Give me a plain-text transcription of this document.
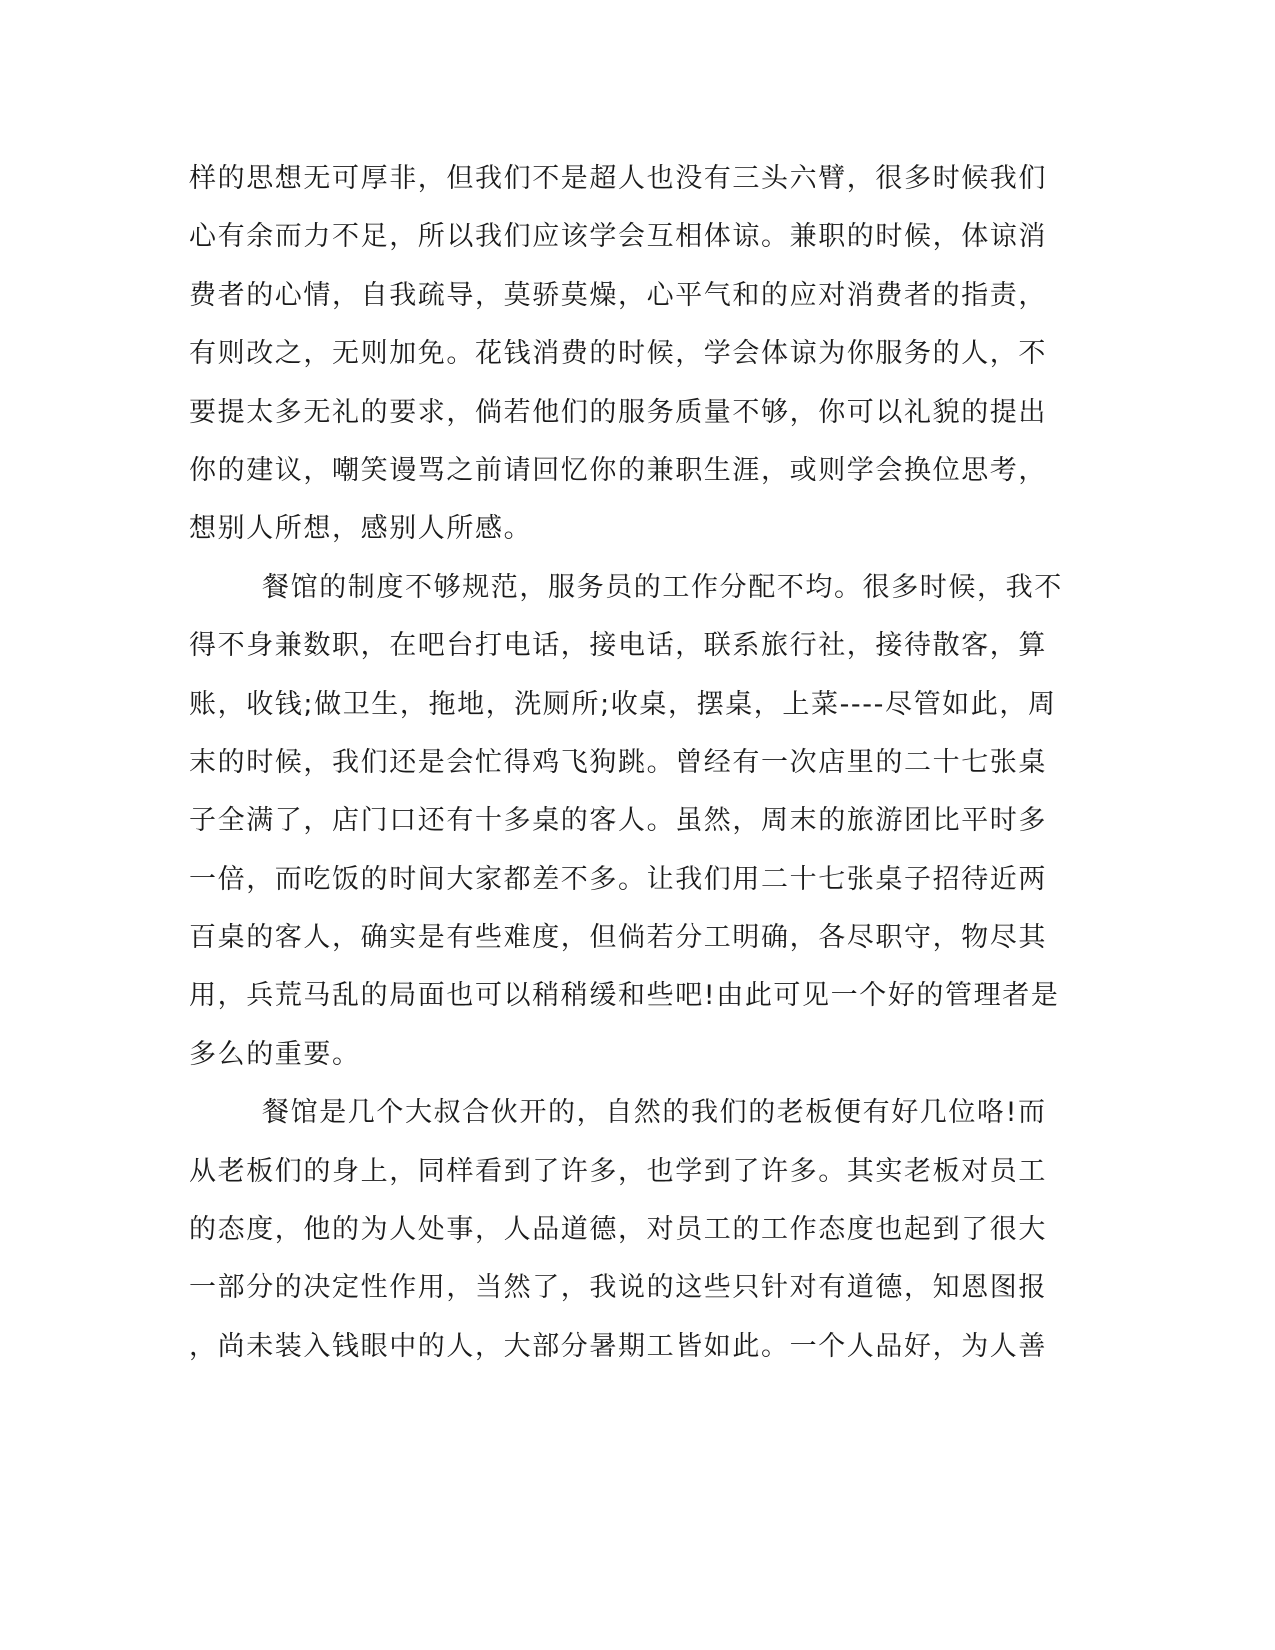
样的思想无可厚非，但我们不是超人也没有三头六臂，很多时候我们
心有余而力不足，所以我们应该学会互相体谅。兼职的时候，体谅消
费者的心情，自我疏导，莫骄莫燥，心平气和的应对消费者的指责，
有则改之，无则加免。花钱消费的时候，学会体谅为你服务的人，不
要提太多无礼的要求，倘若他们的服务质量不够，你可以礼貌的提出
你的建议，嘲笑谩骂之前请回忆你的兼职生涯，或则学会换位思考，
想别人所想，感别人所感。
餐馆的制度不够规范，服务员的工作分配不均。很多时候，我不
得不身兼数职，在吧台打电话，接电话，联系旅行社，接待散客，算
账，收钱;做卫生，拖地，洗厕所;收桌，摆桌，上菜----尽管如此，周
末的时候，我们还是会忙得鸡飞狗跳。曾经有一次店里的二十七张桌
子全满了，店门口还有十多桌的客人。虽然，周末的旅游团比平时多
一倍，而吃饭的时间大家都差不多。让我们用二十七张桌子招待近两
百桌的客人，确实是有些难度，但倘若分工明确，各尽职守，物尽其
用，兵荒马乱的局面也可以稍稍缓和些吧!由此可见一个好的管理者是
多么的重要。
餐馆是几个大叔合伙开的，自然的我们的老板便有好几位咯!而
从老板们的身上，同样看到了许多，也学到了许多。其实老板对员工
的态度，他的为人处事，人品道德，对员工的工作态度也起到了很大
一部分的决定性作用，当然了，我说的这些只针对有道德，知恩图报
，尚未装入钱眼中的人，大部分暑期工皆如此。一个人品好，为人善
